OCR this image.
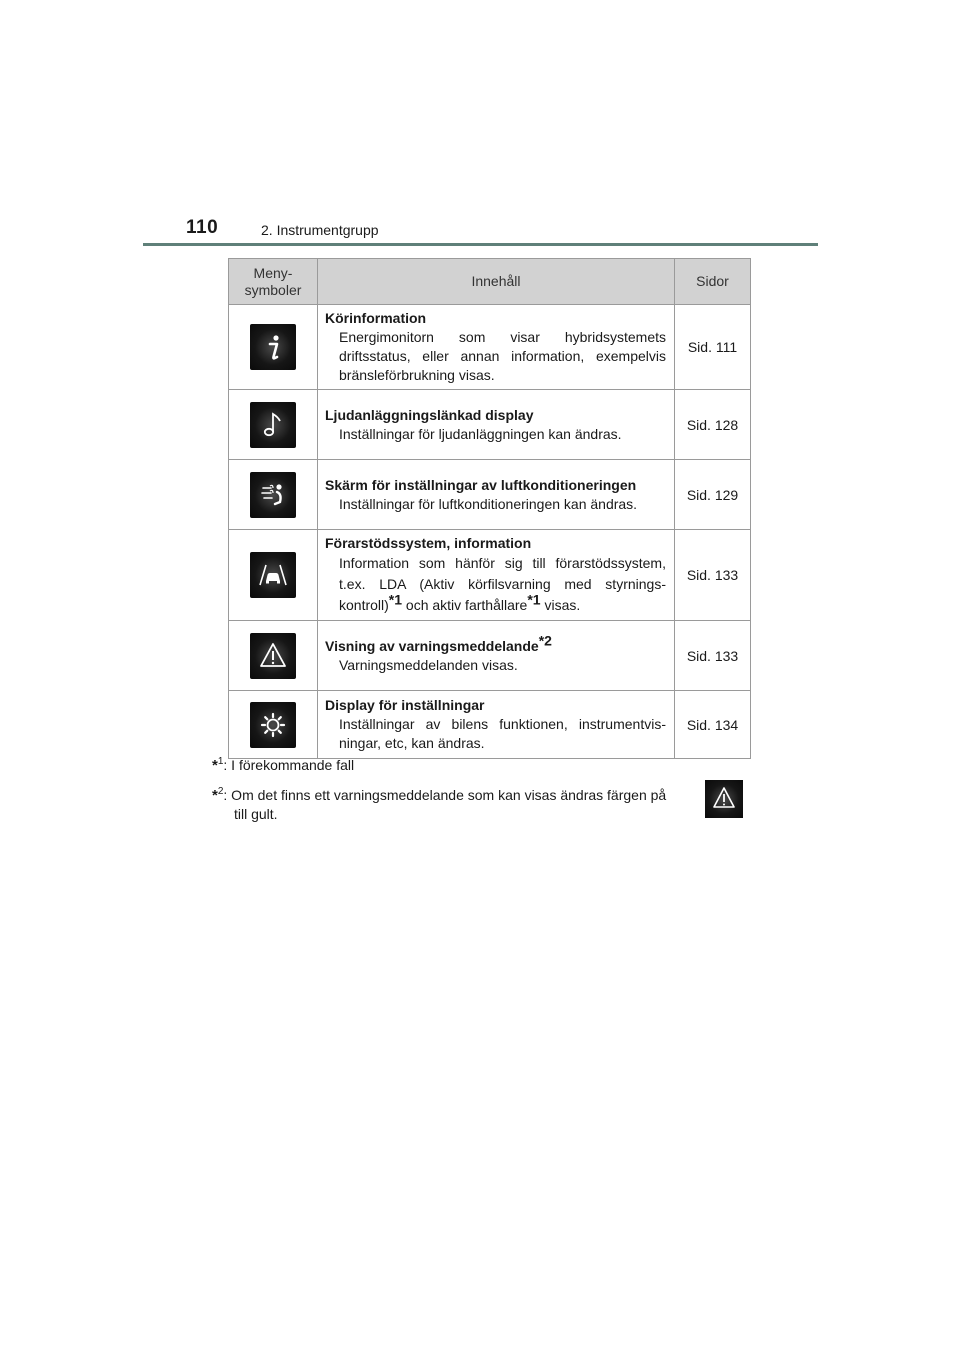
110	2. Instrumentgrupp
Meny-
symboler	Innehåll	Sidor

Körinformation
Energimonitorn som visar hybridsystemets driftsstatus, eller annan information, exempelvis bränsleförbrukning visas.	Sid. 111

Ljudanläggningslänkad display
Inställningar för ljudanläggningen kan ändras.	Sid. 128

Skärm för inställningar av luftkonditioneringen
Inställningar för luftkonditioneringen kan ändras.	Sid. 129

Förarstödssystem, information
Information som hänför sig till förarstödssystem, t.ex. LDA (Aktiv körfilsvarning med styrnings-kontroll)$^{*1}$ och aktiv farthållare$^{*1}$ visas.	Sid. 133

Visning av varningsmeddelande$^{*2}$
Varningsmeddelanden visas.	Sid. 133

Display för inställningar
Inställningar av bilens funktionen, instrumentvis-ningar, etc, kan ändras.	Sid. 134
*$^1$: I förekommande fall
*$^2$: Om det finns ett varningsmeddelande som kan visas ändras färgen på
till gult.
